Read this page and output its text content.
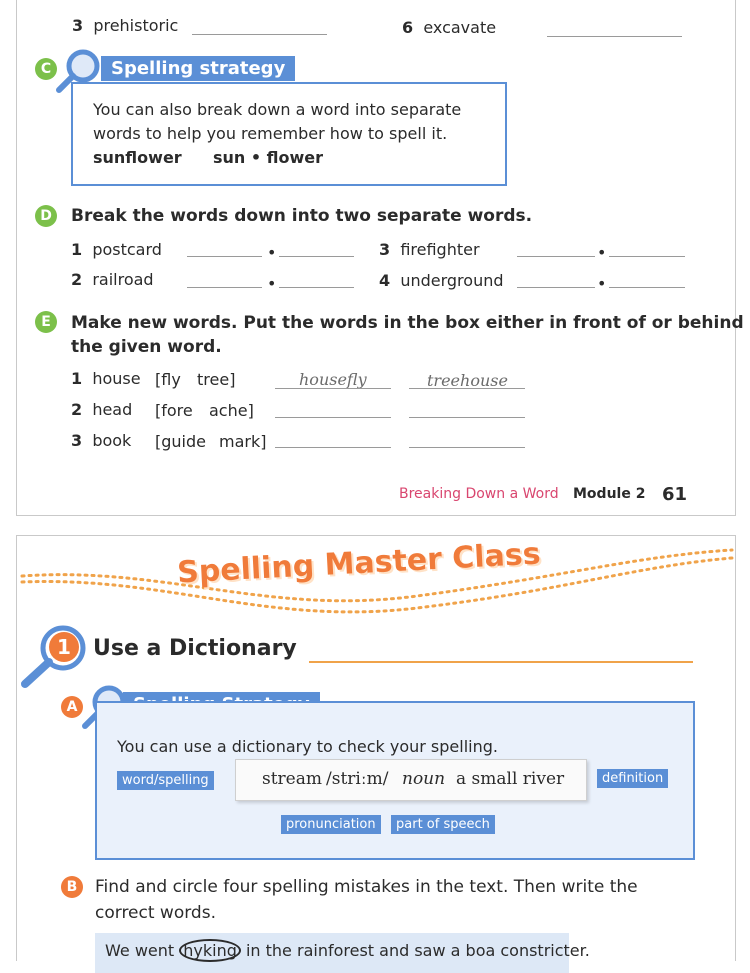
3 prehistoric	6 excavate
C	Spelling strategy
You can also break down a word into separate
words to help you remember how to spell it.
sunflower sun • flower
D	Break the words down into two separate words.
1 postcard	•	3 firefighter	•
2 railroad	•	4 underground	•
E	Make new words. Put the words in the box either in front of or behind
the given word.
1 house [fly tree]	housefly	treehouse
2 head [fore ache]
3 book [guide mark]
Breaking Down a Word Module 2 61
Spelling Master Class
1	Use a Dictionary
A
You can use a dictionary to check your spelling.
word/spelling	stream /striːm/ noun a small river	definition
pronunciation	part of speech
B	Find and circle four spelling mistakes in the text. Then write the
correct words.
We went hyking in the rainforest and saw a boa constricter.
